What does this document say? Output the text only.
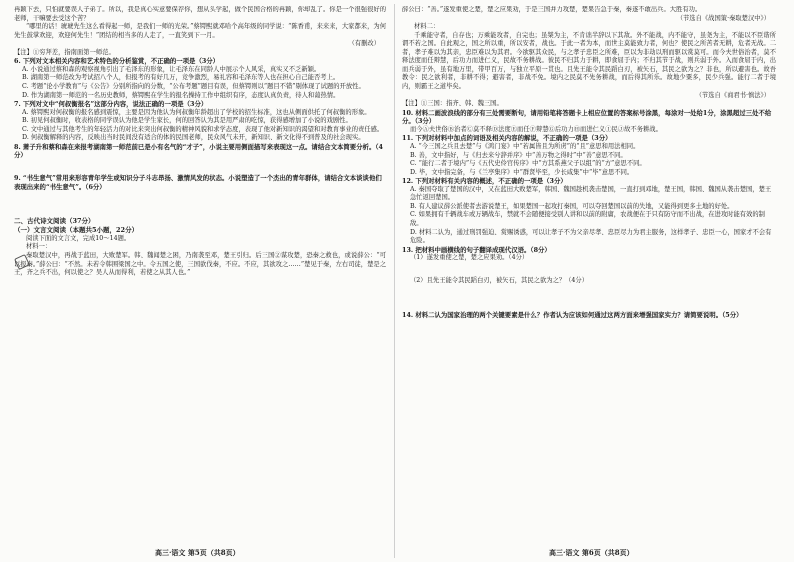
冉颖下去，只怕就要误人子弟了。所以，我是真心实意要保荐你，想从头学起，做个民国合格的冉颖，你却乱了。你是一个很强很好的老师，干嘛要去受这个苦？

“哪里的话！琥琥先生这么看得起一师，是我们一师的光荣。”蔡锷熙就邓哈个高年级的同学说：“陈香甫，来来来，大家都来，为何先生鼓掌欢迎，欢迎何先生！”团结的相当多的人走了，一直笑到下一月。

（有删改）

【注】①穷拜差，指南面第一师范。

6. 下列对文本相关内容和艺术特色的分析鉴赏，不正确的一项是（3分）

A. 小说通过蔡和森的观察视角引出了毛泽东的形象，让毛泽东在同龄人中展示个人风采，真实又不乏新颖。

B. 湖南第一师范改为考试招八个人，但报考的有好几万，竞争激烈，易礼容和毛泽东等人也在担心自己能否考上。

C. 考题“论小学教育”与《公告》分别所指向的分数，“公布考题”题目有误，但蔡锷则以“题目不错”剔体现了试题的开放性。

D. 作为湖南第一师范的一名历史教师，蔡锷熙在学生的报名操持工作中组织有序，态度认真负责，待人和蔼热情。

7. 下列对文中“何叔衡报名”这部分内容，说法正确的一项是（3分）

A. 蔡锷熙对何叔衡的报名感到震惊，主要是因为他认为何叔衡年龄超出了学校的招生标准，这也从侧面供托了何叔衡的形象。

B. 初见何叔衡时，收表格的同学误认为他是学生家长，何的回答认为其是用严肃的吃惊，获得感增加了小说的戏剧性。

C. 文中通过与其他考生的年轻活力的对比来突出何叔衡的精神风貌和求学态度，表现了他对新知识的渴望和对教育事业的责任感。

D. 何叔衡解释的内容，反映出当时民间没有适合的体的民国老师，民众风气未开，新知识、新文化得不到普及的社会现实。

8. 萧子升和蔡和森在来报考湖南第一师范前已是小有名气的“才子”，小说主要用侧面描写来表现这一点。请结合文本简要分析。（4分）

9. “书生意气”常用来形容青年学生或知识分子斗志昂扬、激情风发的状态。小说塑造了一个杰出的青年群体，请结合文本谈谈他们表现出来的“书生意气”。（6分）

二、古代诗文阅读（37分）

（一）文言文阅读（本题共5小题，22分）

阅读下面的文言文，完成10～14题。

材料一：

秦取楚汉中，再战于蓝田，大败楚军。韩、魏闻楚之困，乃南袭至邓，楚王引归。后三国②谋攻楚，恐秦之救也，或说薛公：“可以报秦。”薛公曰：“不然。未若令韩围梁国之中。令五国之使，三国欲伐秦，不应。不应，其欲攻之……”楚见于秦，左右司徒，楚是之王，齐之兵不出，何以使之？吴人从而得利，若使之从其人也。”

薛公曰：“善。”遂发重使之楚，楚之应果劝，于是三国并力攻楚，楚果告急于秦，秦遂不敢出兵。大胜有功。

（节选自《战国策·秦取楚汉中》）

材料二：

千乘能守者，自存也；万乘能攻者，自完也；虽桀为主，不肯诎半辞以下其敌。外不能战，内不能守，虽尧为主，不能以不臣谐所谓不若之国。自此观之，国之所以重，所以安者，战也。于此一者为本，而世主莫能致力者，何也？使民之所苦者无耕，危者无战。二者，孝子难以为其亲，忠臣难以为其君。今欲驱其众民，与之孝子忠臣之所难，臣以为非劫以刑而驱以赏莫可。而今夫世俗治者，莫不释法度而任辩慧，后功力而进仁义，民故不务耕战。彼民不归其力于耕，即食屈于内；不归其节于战，则兵弱于外。入而食屈于内，出而兵弱于外，虽有地万里，带甲百万，与独立平原一贯也。且先王能令其民蹈白刃，被矢石，其民之欲为之？非也，所以避害也。故吾教令：民之欲利者，非耕不得；避害者，非战不免。境内之民莫不先务耕战，而后得其所乐。故地少粟多，民少兵强。能行二者于境内，则霸王之道毕矣。

（节选自《商君书·慎法》）

【注】①三国：指齐、韩、魏三国。

10. 材料二画波浪线的部分有三处需要断句，请用铅笔将答题卡上相应位置的答案标号涂黑，每涂对一处给1分，涂黑超过三处不给分。（3分）

而今Ⓐ夫世俗Ⓑ治者Ⓒ莫不释Ⓓ法度Ⓔ而任Ⓕ辩慧Ⓖ后功力Ⓗ而进仁义Ⓘ民Ⓙ故不务耕战。

11. 下列对材料中加点的词语及相关内容的解说，不正确的一项是（3分）

A. “今三国之兵且去楚”与《鸿门宴》中“若属皆且为所虏”的“且”意思和用法相同。

B. 善，文中指好，与《归去来兮辞并序》中“善万物之得时”中“善”意思不同。

C. “能行二者于境内”与《五代史伶官传序》中“方其系燕父子以组”的“方”意思不同。

D. 毕，文中指完备，与《兰亭集序》中“群贤毕至，少长咸集”中“毕”意思不同。

12. 下列对材料有关内容的概述，不正确的一项是（3分）

A. 秦国夺取了楚国的汉中，又在蓝田大败楚军，韩国、魏国趁机袭击楚国，一直打到邓地，楚王国，韩国、魏国从袭击楚国，楚王急忙返回楚国。

B. 有人建议薛公派使者去游说楚王，如果楚国一起攻打秦国，可以夺回楚国以前的失地，又能得到更多土地的好处。

C. 如果拥有千辆战车或万辆战车，禁就不会随便接受别人讲和以前的附庸，农战便在于只有防守而不出战，在进攻时能有效的制敌。

D. 材料二认为，通过刑罚强迫、赏赐诱惑，可以让孝子不为父亲尽孝、忠臣尽力为君主服务，这样孝子、忠臣一心，国家才不会有危险。

13. 把材料中画横线的句子翻译成现代汉语。（8分）

（1）遂发重使之楚，楚之应果劝。（4分）

（2）且先王能令其民蹈白刃，被矢石，其民之欲为之？（4分）

14. 材料二认为国家治理的两个关键要素是什么？作者认为应该如何通过这两方面来增强国家实力？请简要说明。（5分）

高三·语文 第5页（共8页）	高三·语文 第6页（共8页）
